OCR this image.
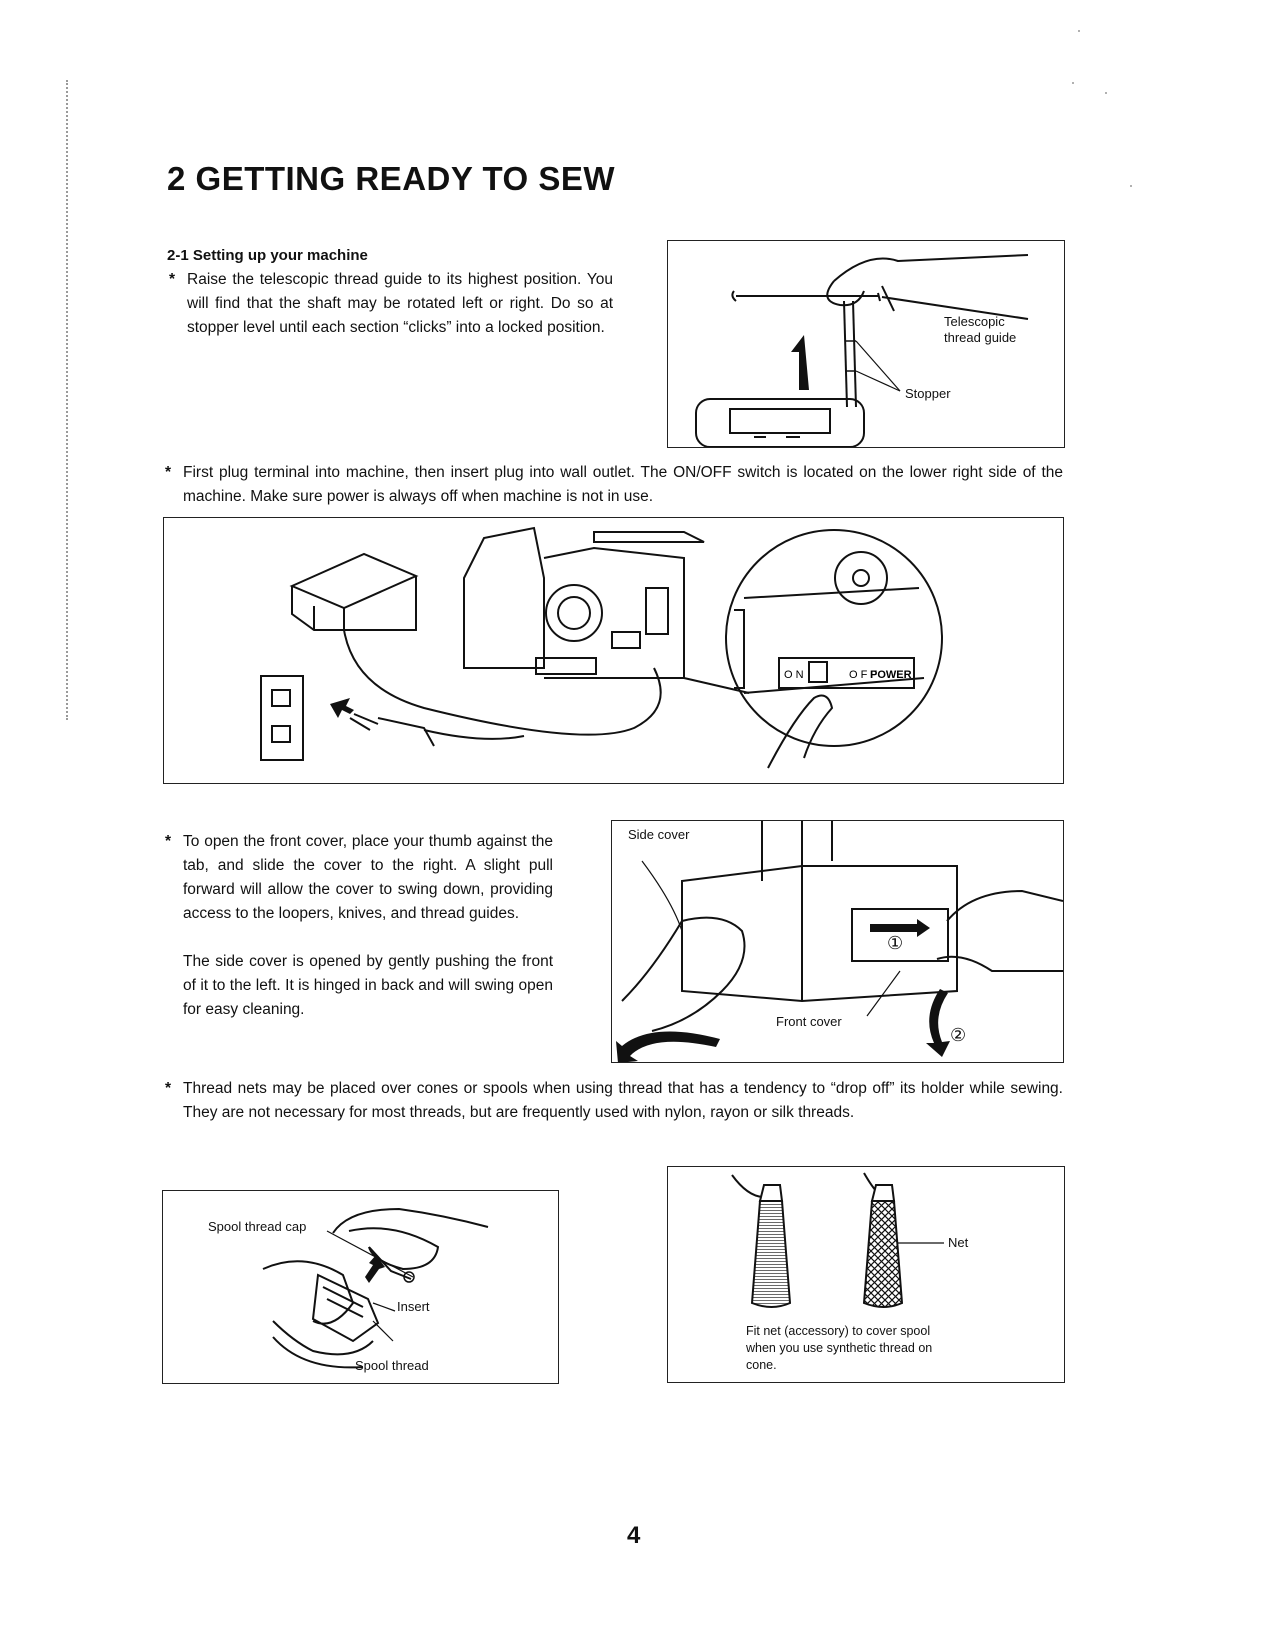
2 GETTING READY TO SEW
2-1 Setting up your machine

* Raise the telescopic thread guide to its highest position. You will find that the shaft may be rotated left or right. Do so at stopper level until each section “clicks” into a locked position.	Telescopic
thread guide
Stopper

* First plug terminal into machine, then insert plug into wall outlet. The ON/OFF switch is located on the lower right side of the machine. Make sure power is always off when machine is not in use.

O N	O F F
POWER

* To open the front cover, place your thumb against the tab, and slide the cover to the right. A slight pull forward will allow the cover to swing down, providing access to the loopers, knives, and thread guides.

The side cover is opened by gently pushing the front of it to the left. It is hinged in back and will swing open for easy cleaning.

Side cover
Front cover
①
②

* Thread nets may be placed over cones or spools when using thread that has a tendency to “drop off” its holder while sewing. They are not necessary for most threads, but are frequently used with nylon, rayon or silk threads.

Spool thread cap
Insert
Spool thread
Net
Fit net (accessory) to cover spool
when you use synthetic thread on
cone.
4
